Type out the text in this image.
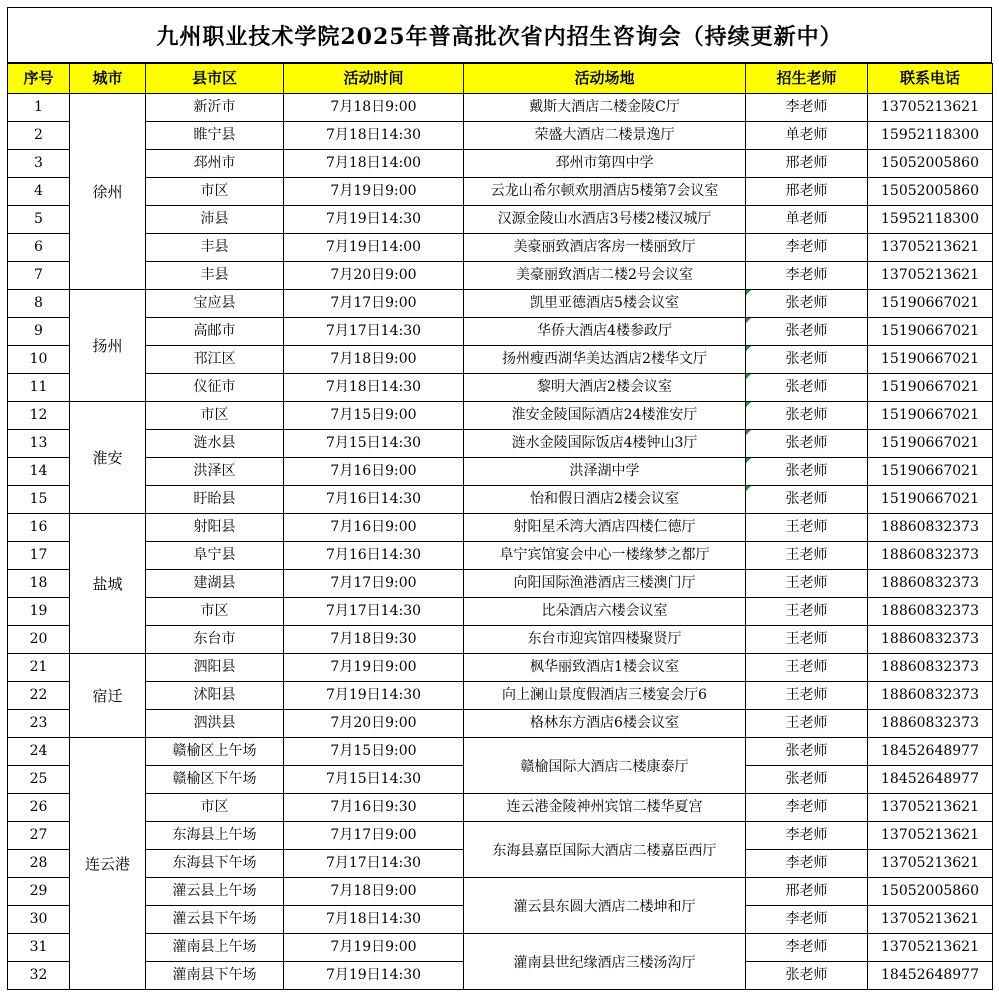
九州职业技术学院2025年普高批次省内招生咨询会（持续更新中）
序号	城市	县市区	活动时间	活动场地	招生老师	联系电话
1	徐州	新沂市	7月18日9:00	戴斯大酒店二楼金陵C厅	李老师	13705213621
2		睢宁县	7月18日14:30	荣盛大酒店二楼景逸厅	单老师	15952118300
3		邳州市	7月18日14:00	邳州市第四中学	邢老师	15052005860
4		市区	7月19日9:00	云龙山希尔顿欢朋酒店5楼第7会议室	邢老师	15052005860
5		沛县	7月19日14:30	汉源金陵山水酒店3号楼2楼汉城厅	单老师	15952118300
6		丰县	7月19日14:00	美豪丽致酒店客房一楼丽致厅	李老师	13705213621
7		丰县	7月20日9:00	美豪丽致酒店二楼2号会议室	李老师	13705213621
8	扬州	宝应县	7月17日9:00	凯里亚德酒店5楼会议室	张老师	15190667021
9		高邮市	7月17日14:30	华侨大酒店4楼参政厅	张老师	15190667021
10		邗江区	7月18日9:00	扬州瘦西湖华美达酒店2楼华文厅	张老师	15190667021
11		仪征市	7月18日14:30	黎明大酒店2楼会议室	张老师	15190667021
12	淮安	市区	7月15日9:00	淮安金陵国际酒店24楼淮安厅	张老师	15190667021
13		涟水县	7月15日14:30	涟水金陵国际饭店4楼钟山3厅	张老师	15190667021
14		洪泽区	7月16日9:00	洪泽湖中学	张老师	15190667021
15		盱眙县	7月16日14:30	怡和假日酒店2楼会议室	张老师	15190667021
16	盐城	射阳县	7月16日9:00	射阳星禾湾大酒店四楼仁德厅	王老师	18860832373
17		阜宁县	7月16日14:30	阜宁宾馆宴会中心一楼缘梦之都厅	王老师	18860832373
18		建湖县	7月17日9:00	向阳国际渔港酒店三楼澳门厅	王老师	18860832373
19		市区	7月17日14:30	比朵酒店六楼会议室	王老师	18860832373
20		东台市	7月18日9:30	东台市迎宾馆四楼聚贤厅	王老师	18860832373
21	宿迁	泗阳县	7月19日9:00	枫华丽致酒店1楼会议室	王老师	18860832373
22		沭阳县	7月19日14:30	向上澜山景度假酒店三楼宴会厅6	王老师	18860832373
23		泗洪县	7月20日9:00	格林东方酒店6楼会议室	王老师	18860832373
24	连云港	赣榆区上午场	7月15日9:00	赣榆国际大酒店二楼康泰厅	张老师	18452648977
25		赣榆区下午场	7月15日14:30		张老师	18452648977
26		市区	7月16日9:30	连云港金陵神州宾馆二楼华夏宫	李老师	13705213621
27		东海县上午场	7月17日9:00	东海县嘉臣国际大酒店二楼嘉臣西厅	李老师	13705213621
28		东海县下午场	7月17日14:30		李老师	13705213621
29		灌云县上午场	7月18日9:00	灌云县东圆大酒店二楼坤和厅	邢老师	15052005860
30		灌云县下午场	7月18日14:30		李老师	13705213621
31		灌南县上午场	7月19日9:00	灌南县世纪缘酒店三楼汤沟厅	李老师	13705213621
32		灌南县下午场	7月19日14:30		张老师	18452648977
